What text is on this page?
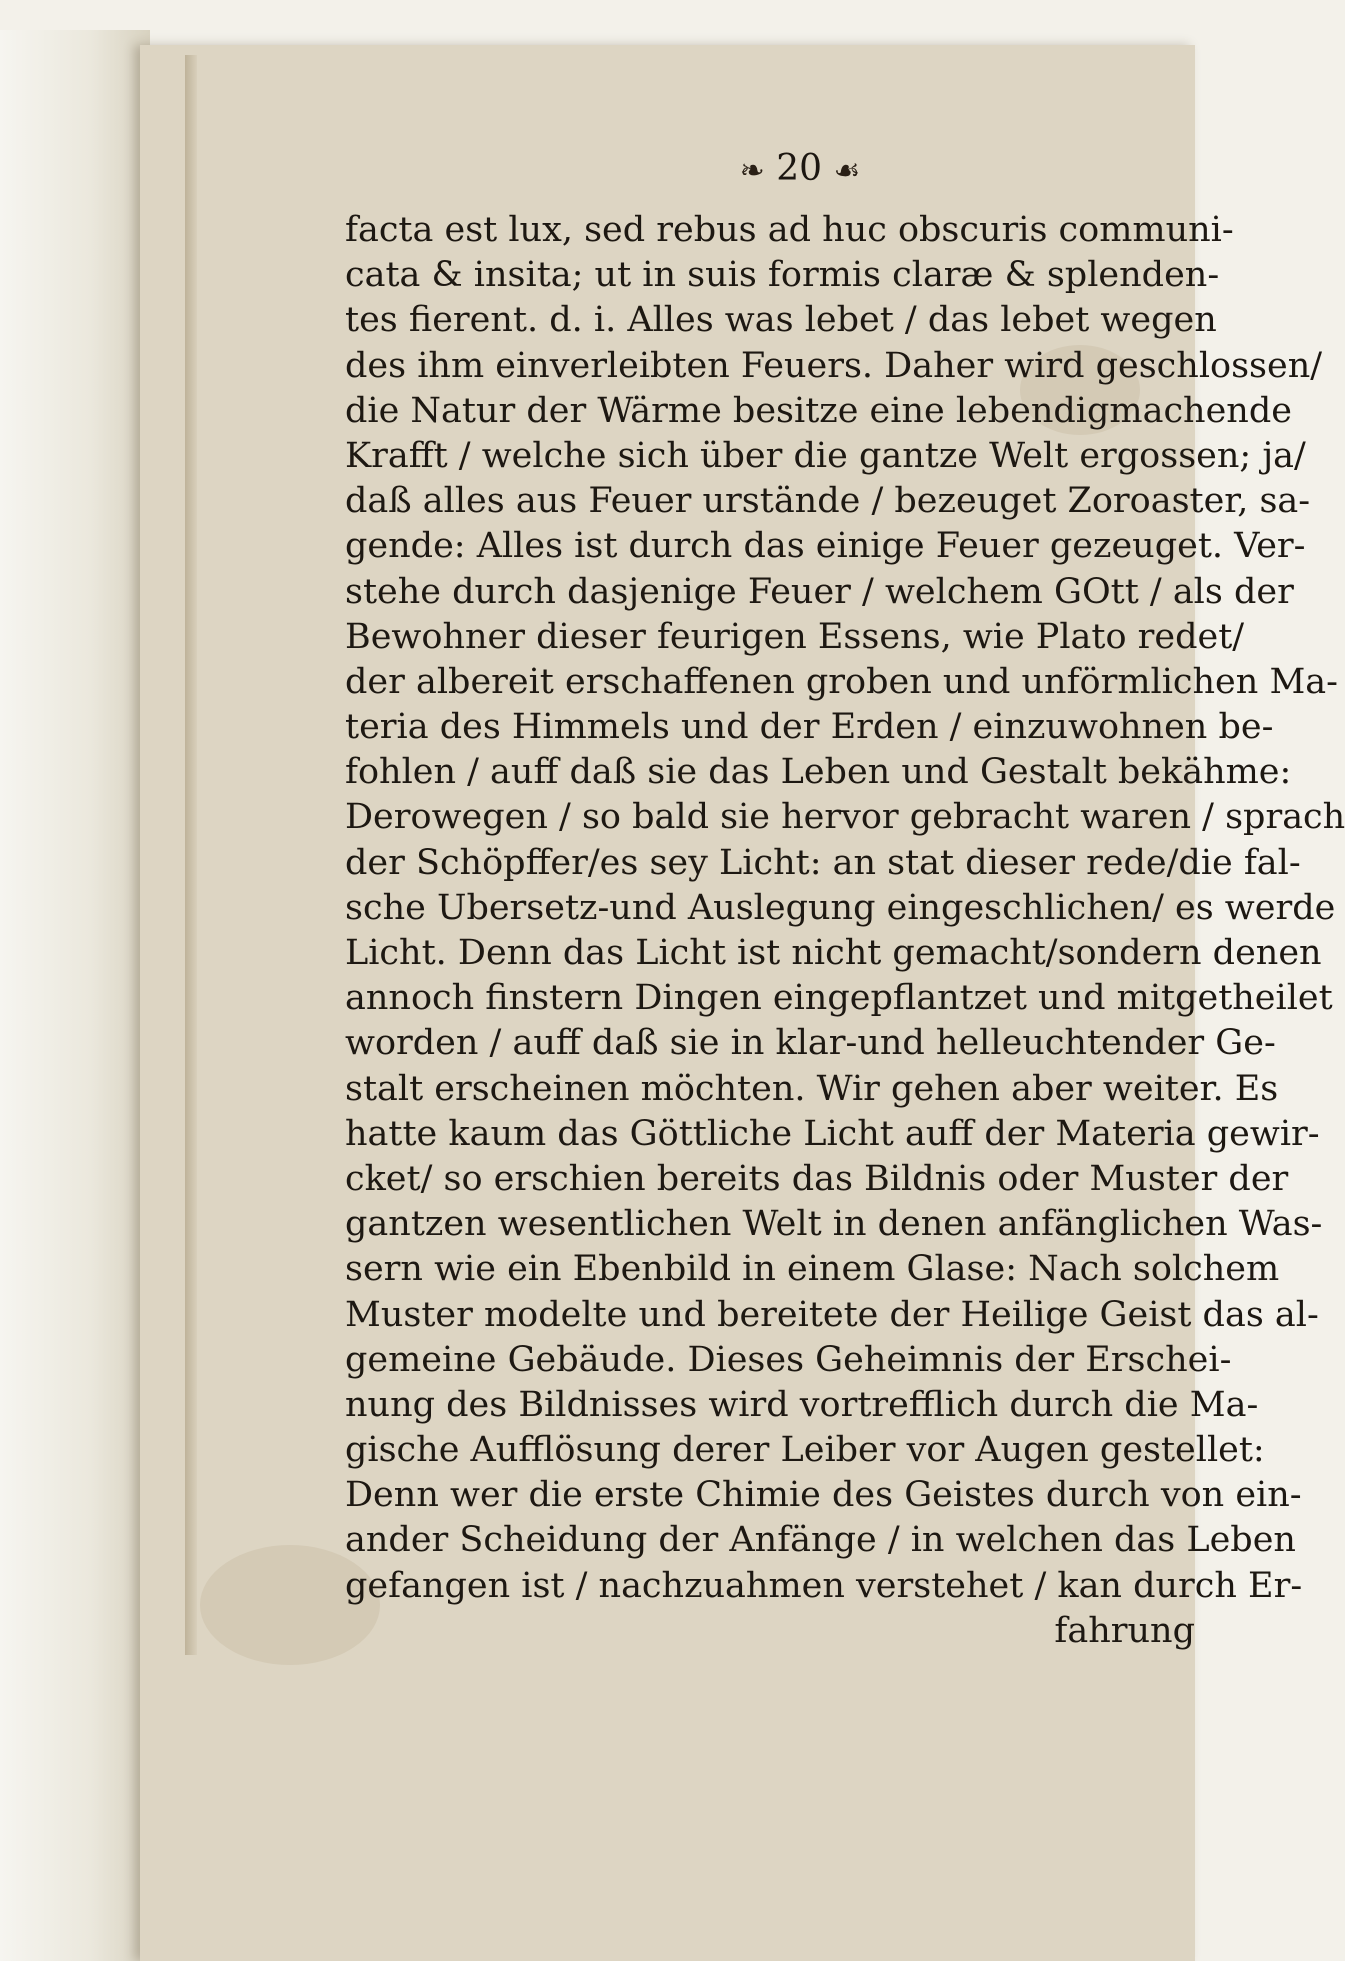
❧ 20 ☙
facta est lux, sed rebus ad huc obscuris communi-
cata & insita; ut in suis formis claræ & splenden-
tes fierent. d. i. Alles was lebet / das lebet wegen
des ihm einverleibten Feuers. Daher wird geschlossen/
die Natur der Wärme besitze eine lebendigmachende
Krafft / welche sich über die gantze Welt ergossen; ja/
daß alles aus Feuer urstände / bezeuget Zoroaster, sa-
gende: Alles ist durch das einige Feuer gezeuget. Ver-
stehe durch dasjenige Feuer / welchem GOtt / als der
Bewohner dieser feurigen Essens, wie Plato redet/
der albereit erschaffenen groben und unförmlichen Ma-
teria des Himmels und der Erden / einzuwohnen be-
fohlen / auff daß sie das Leben und Gestalt bekähme:
Derowegen / so bald sie hervor gebracht waren / sprach
der Schöpffer/es sey Licht: an stat dieser rede/die fal-
sche Ubersetz-und Auslegung eingeschlichen/ es werde
Licht. Denn das Licht ist nicht gemacht/sondern denen
annoch finstern Dingen eingepflantzet und mitgetheilet
worden / auff daß sie in klar-und helleuchtender Ge-
stalt erscheinen möchten. Wir gehen aber weiter. Es
hatte kaum das Göttliche Licht auff der Materia gewir-
cket/ so erschien bereits das Bildnis oder Muster der
gantzen wesentlichen Welt in denen anfänglichen Was-
sern wie ein Ebenbild in einem Glase: Nach solchem
Muster modelte und bereitete der Heilige Geist das al-
gemeine Gebäude. Dieses Geheimnis der Erschei-
nung des Bildnisses wird vortrefflich durch die Ma-
gische Aufflösung derer Leiber vor Augen gestellet:
Denn wer die erste Chimie des Geistes durch von ein-
ander Scheidung der Anfänge / in welchen das Leben
gefangen ist / nachzuahmen verstehet / kan durch Er-
fahrung
